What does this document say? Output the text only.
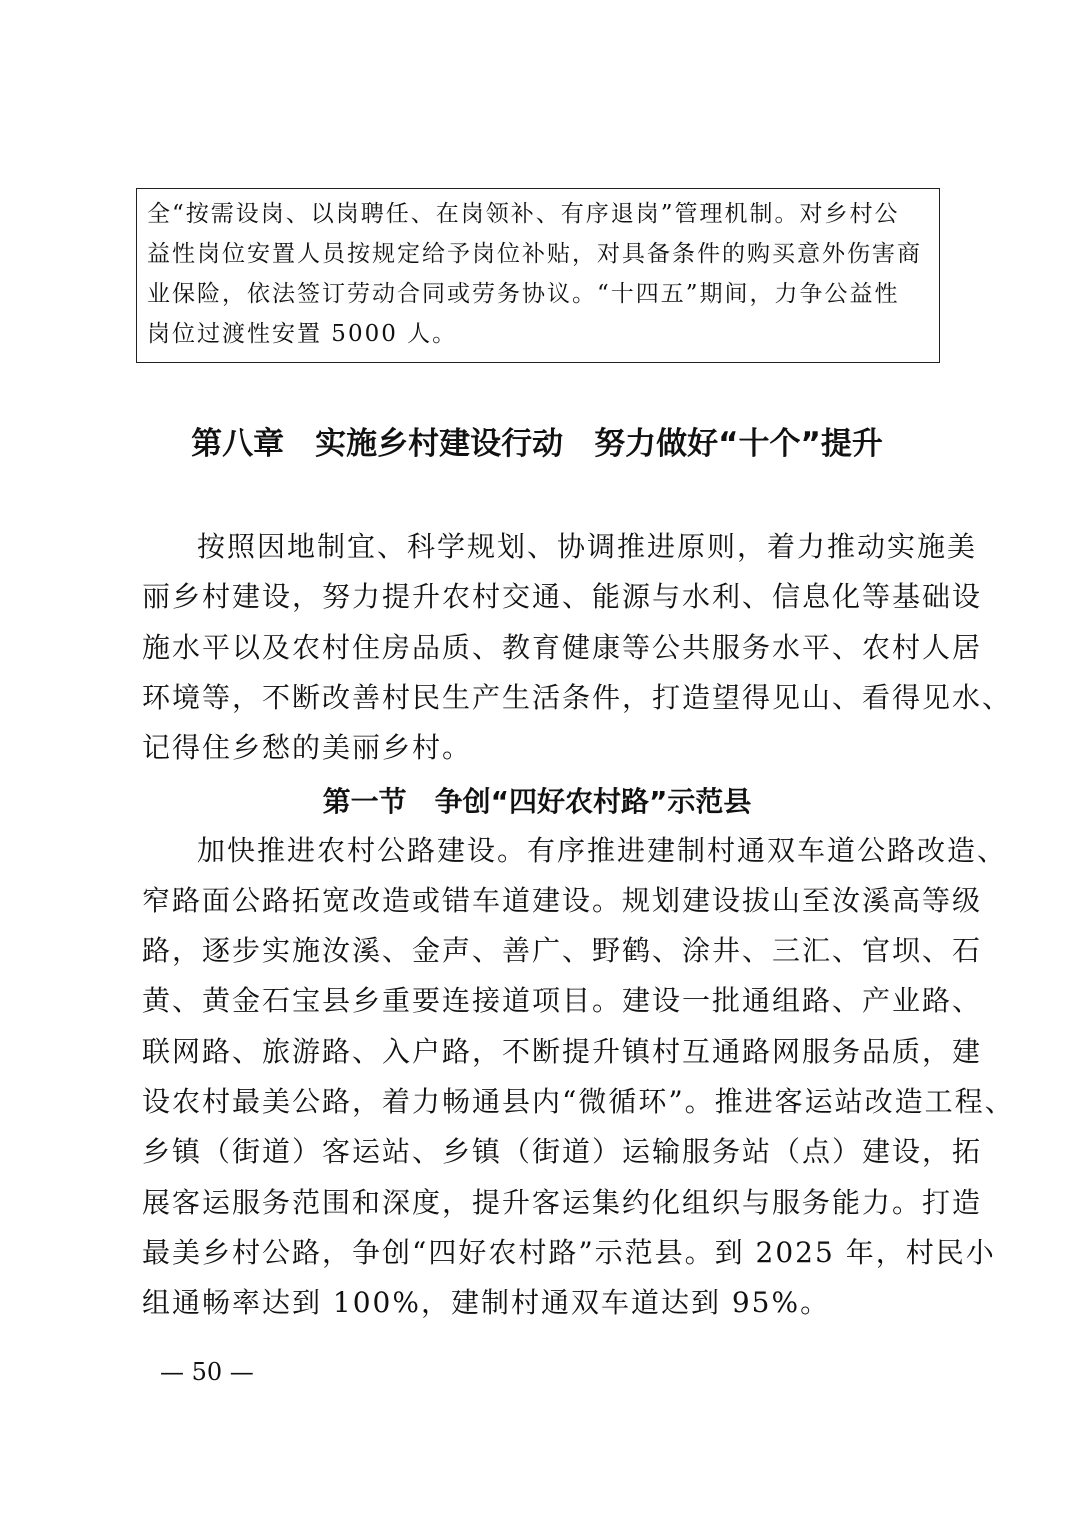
全“按需设岗、以岗聘任、在岗领补、有序退岗”管理机制。对乡村公
益性岗位安置人员按规定给予岗位补贴，对具备条件的购买意外伤害商
业保险，依法签订劳动合同或劳务协议。“十四五”期间，力争公益性
岗位过渡性安置 5000 人。
第八章　实施乡村建设行动　努力做好“十个”提升
按照因地制宜、科学规划、协调推进原则，着力推动实施美
丽乡村建设，努力提升农村交通、能源与水利、信息化等基础设
施水平以及农村住房品质、教育健康等公共服务水平、农村人居
环境等，不断改善村民生产生活条件，打造望得见山、看得见水、
记得住乡愁的美丽乡村。
第一节　争创“四好农村路”示范县
加快推进农村公路建设。有序推进建制村通双车道公路改造、
窄路面公路拓宽改造或错车道建设。规划建设拔山至汝溪高等级
路，逐步实施汝溪、金声、善广、野鹤、涂井、三汇、官坝、石
黄、黄金石宝县乡重要连接道项目。建设一批通组路、产业路、
联网路、旅游路、入户路，不断提升镇村互通路网服务品质，建
设农村最美公路，着力畅通县内“微循环”。推进客运站改造工程、
乡镇（街道）客运站、乡镇（街道）运输服务站（点）建设，拓
展客运服务范围和深度，提升客运集约化组织与服务能力。打造
最美乡村公路，争创“四好农村路”示范县。到 2025 年，村民小
组通畅率达到 100%，建制村通双车道达到 95%。
— 50 —
